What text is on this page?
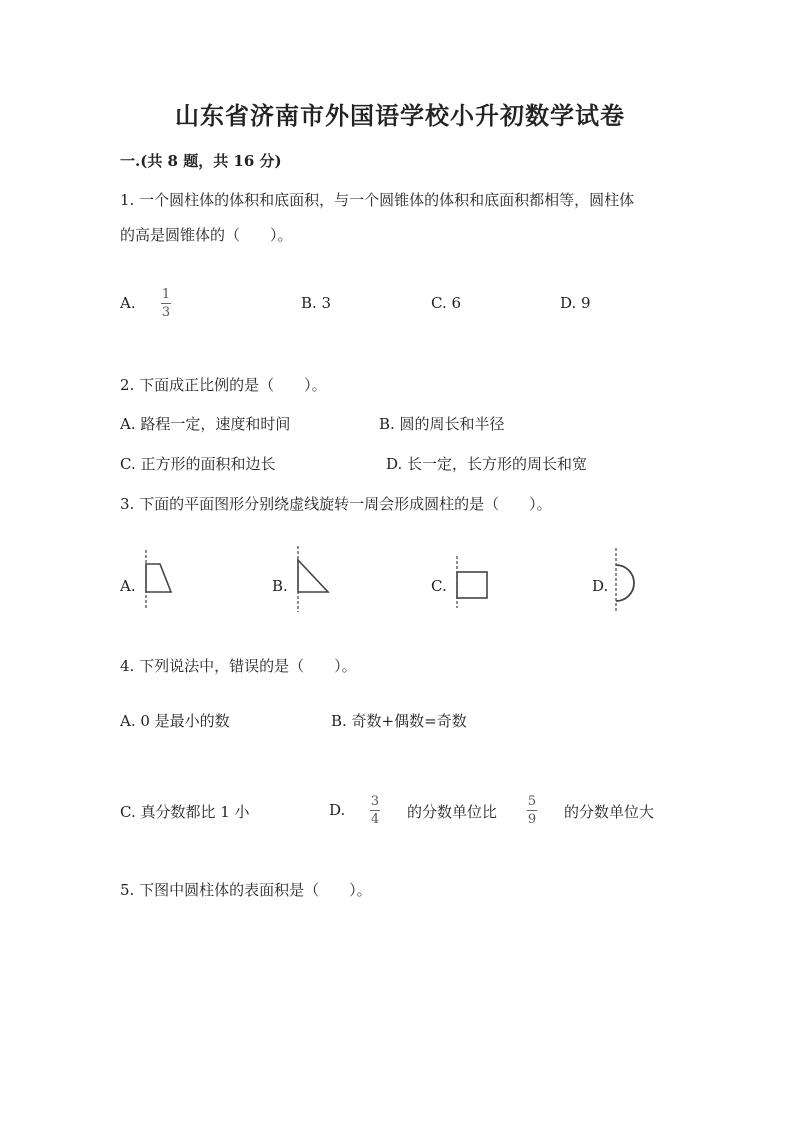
山东省济南市外国语学校小升初数学试卷
一.(共 8 题，共 16 分)
1. 一个圆柱体的体积和底面积，与一个圆锥体的体积和底面积都相等，圆柱体
的高是圆锥体的（　　）。
A. 1
3
B. 3	C. 6	D. 9
2. 下面成正比例的是（　　）。
A. 路程一定，速度和时间	B. 圆的周长和半径
C. 正方形的面积和边长	D. 长一定，长方形的周长和宽
3. 下面的平面图形分别绕虚线旋转一周会形成圆柱的是（　　）。
A.	B.	C.	D.
4. 下列说法中，错误的是（　　）。
A. 0 是最小的数	B. 奇数+偶数=奇数
C. 真分数都比 1 小	D. 3
4 的分数单位比
5
9 的分数单位大
5. 下图中圆柱体的表面积是（　　）。
